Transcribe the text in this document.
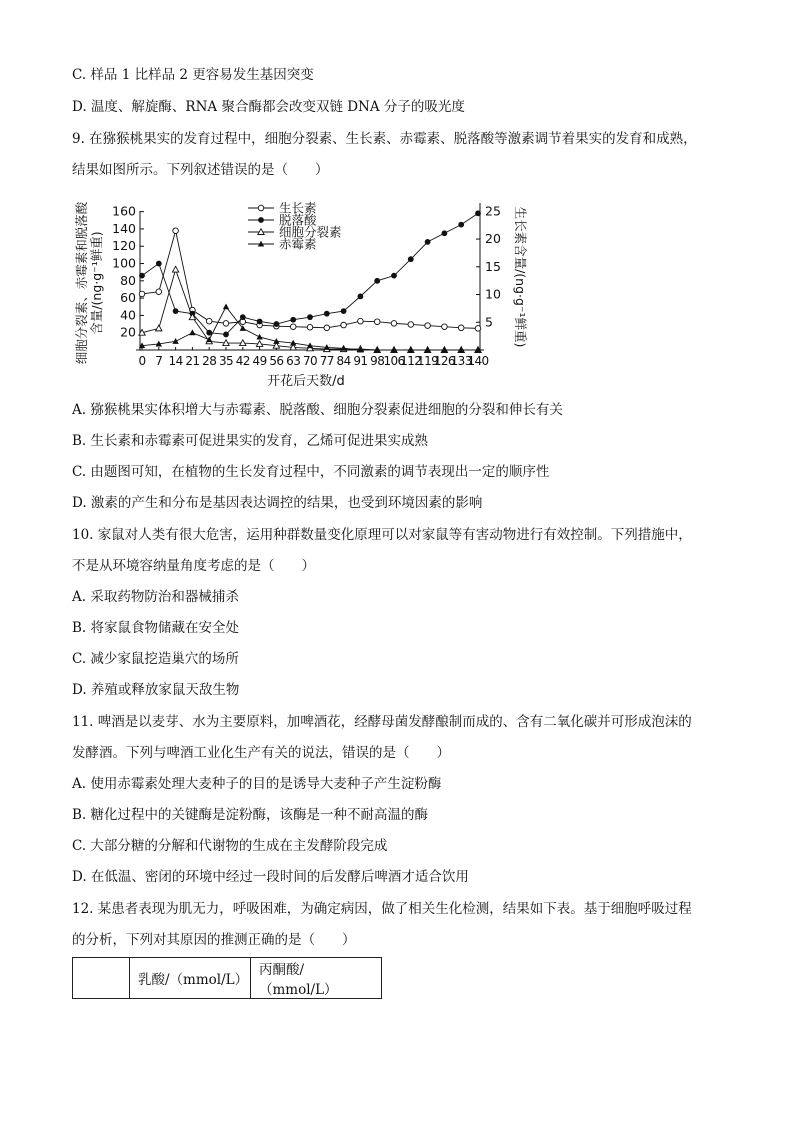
C. 样品 1 比样品 2 更容易发生基因突变
D. 温度、解旋酶、RNA 聚合酶都会改变双链 DNA 分子的吸光度
9. 在猕猴桃果实的发育过程中，细胞分裂素、生长素、赤霉素、脱落酸等激素调节着果实的发育和成熟，
结果如图所示。下列叙述错误的是（　　）
20
40
60
80
100
120
140
160
5
10
15
20
25
0 7 14 21 28 35 42 49 56 63 70 77 84 91 98 106
112
119
126
133
140
细胞分裂素、赤霉素和脱落酸 含量/(ng·g⁻¹鲜重)	生长素含量/(ng·g⁻¹鲜重)
开花后天数/d
生长素
脱落酸
细胞分裂素
赤霉素
A. 猕猴桃果实体积增大与赤霉素、脱落酸、细胞分裂素促进细胞的分裂和伸长有关
B. 生长素和赤霉素可促进果实的发育，乙烯可促进果实成熟
C. 由题图可知，在植物的生长发育过程中，不同激素的调节表现出一定的顺序性
D. 激素的产生和分布是基因表达调控的结果，也受到环境因素的影响
10. 家鼠对人类有很大危害，运用种群数量变化原理可以对家鼠等有害动物进行有效控制。下列措施中，
不是从环境容纳量角度考虑的是（　　）
A. 采取药物防治和器械捕杀
B. 将家鼠食物储藏在安全处
C. 减少家鼠挖造巢穴的场所
D. 养殖或释放家鼠天敌生物
11. 啤酒是以麦芽、水为主要原料，加啤酒花，经酵母菌发酵酿制而成的、含有二氧化碳并可形成泡沫的
发酵酒。下列与啤酒工业化生产有关的说法，错误的是（　　）
A. 使用赤霉素处理大麦种子的目的是诱导大麦种子产生淀粉酶
B. 糖化过程中的关键酶是淀粉酶，该酶是一种不耐高温的酶
C. 大部分糖的分解和代谢物的生成在主发酵阶段完成
D. 在低温、密闭的环境中经过一段时间的后发酵后啤酒才适合饮用
12. 某患者表现为肌无力，呼吸困难，为确定病因，做了相关生化检测，结果如下表。基于细胞呼吸过程
的分析，下列对其原因的推测正确的是（　　）
	乳酸/（mmol/L）	丙酮酸/（mmol/L）
